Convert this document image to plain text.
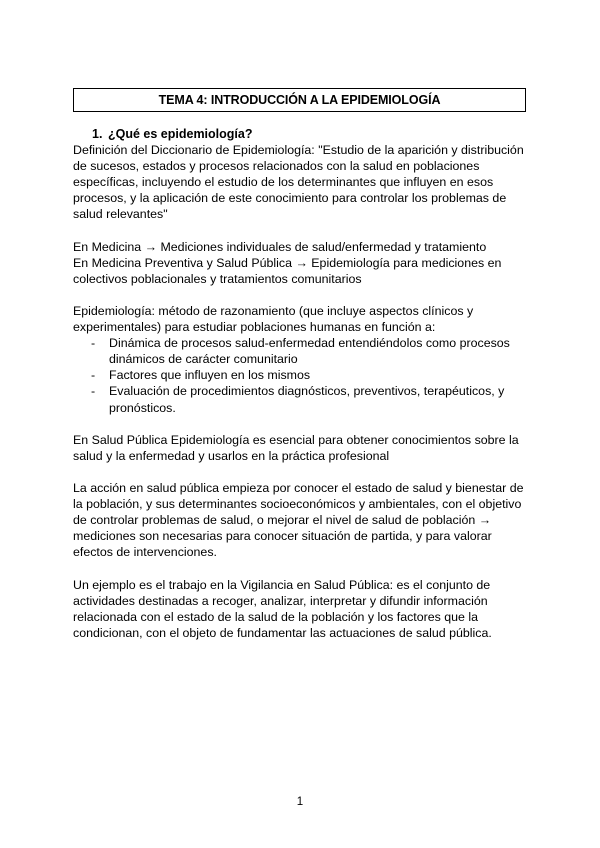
TEMA 4: INTRODUCCIÓN A LA EPIDEMIOLOGÍA
1. ¿Qué es epidemiología?

Definición del Diccionario de Epidemiología: "Estudio de la aparición y distribución de sucesos, estados y procesos relacionados con la salud en poblaciones específicas, incluyendo el estudio de los determinantes que influyen en esos procesos, y la aplicación de este conocimiento para controlar los problemas de salud relevantes"

En Medicina → Mediciones individuales de salud/enfermedad y tratamiento

En Medicina Preventiva y Salud Pública → Epidemiología para mediciones en colectivos poblacionales y tratamientos comunitarios

Epidemiología: método de razonamiento (que incluye aspectos clínicos y experimentales) para estudiar poblaciones humanas en función a:

- Dinámica de procesos salud-enfermedad entendiéndolos como procesos dinámicos de carácter comunitario
- Factores que influyen en los mismos
- Evaluación de procedimientos diagnósticos, preventivos, terapéuticos, y pronósticos.

En Salud Pública Epidemiología es esencial para obtener conocimientos sobre la salud y la enfermedad y usarlos en la práctica profesional

La acción en salud pública empieza por conocer el estado de salud y bienestar de la población, y sus determinantes socioeconómicos y ambientales, con el objetivo de controlar problemas de salud, o mejorar el nivel de salud de población → mediciones son necesarias para conocer situación de partida, y para valorar efectos de intervenciones.

Un ejemplo es el trabajo en la Vigilancia en Salud Pública: es el conjunto de actividades destinadas a recoger, analizar, interpretar y difundir información relacionada con el estado de la salud de la población y los factores que la condicionan, con el objeto de fundamentar las actuaciones de salud pública.

1
